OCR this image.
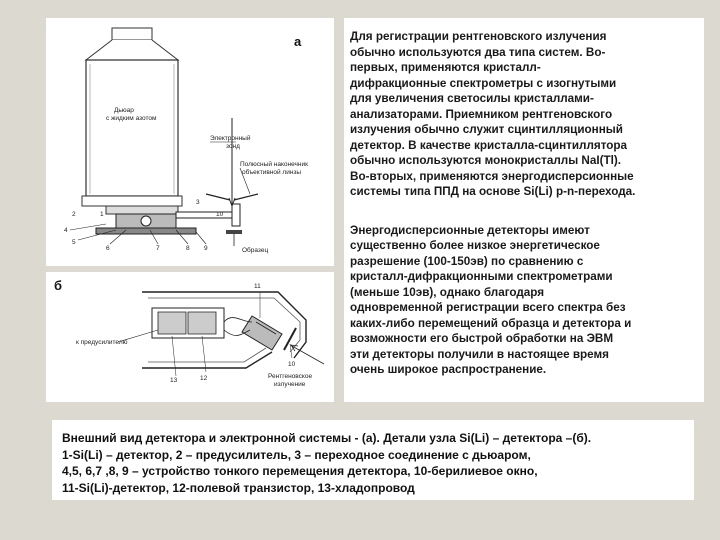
а
Дьюар
с жидким азотом
Электронный
зонд
Полюсный наконечник
объективной линзы
Образец
1
2
3
4
5
6	7	8 9
10
б
к предусилителю
Рентгеновское
излучение
11
10
12
13
Для регистрации рентгеновского излучения
обычно используются два типа систем. Во-
первых, применяются кристалл-
дифракционные спектрометры с изогнутыми
для увеличения светосилы кристаллами-
анализаторами. Приемником рентгеновского
излучения обычно служит сцинтилляционный
детектор. В качестве кристалла-сцинтиллятора
обычно используются монокристаллы NaI(Tl).
Во-вторых, применяются энергодисперсионные
системы типа ППД на основе Si(Li) p-n-перехода.
Энергодисперсионные детекторы имеют
существенно более низкое энергетическое
разрешение (100-150эв) по сравнению с
кристалл-дифракционными спектрометрами
(меньше 10эв), однако благодаря
одновременной регистрации всего спектра без
каких-либо перемещений образца и детектора и
возможности его быстрой обработки на ЭВМ
эти детекторы получили в настоящее время
очень широкое распространение.
Внешний вид детектора и электронной системы - (а). Детали узла Si(Li) – детектора –(б).
1-Si(Li) – детектор, 2 – предусилитель, 3 – переходное соединение с дьюаром,
4,5, 6,7 ,8, 9 – устройство тонкого перемещения детектора, 10-берилиевое окно,
11-Si(Li)-детектор, 12-полевой транзистор, 13-хладопровод
